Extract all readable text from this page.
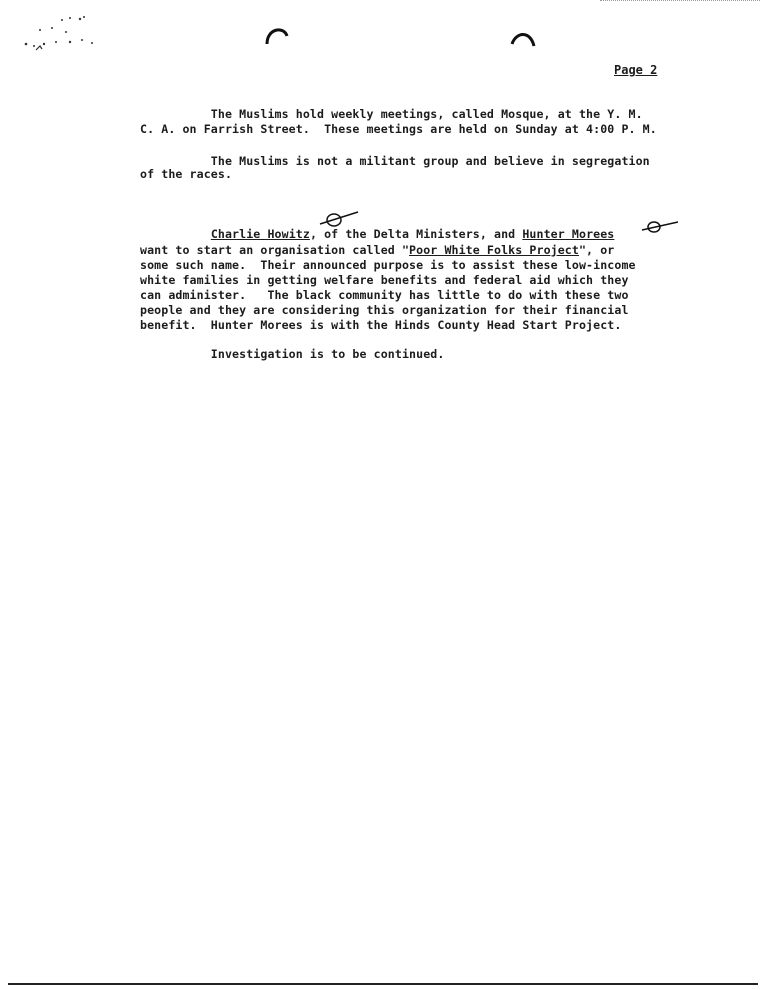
Page 2
The Muslims hold weekly meetings, called Mosque, at the Y. M.
C. A. on Farrish Street.  These meetings are held on Sunday at 4:00 P. M.
The Muslims is not a militant group and believe in segregation
of the races.
Charlie Howitz, of the Delta Ministers, and Hunter Morees
want to start an organisation called "Poor White Folks Project", or
some such name.  Their announced purpose is to assist these low-income
white families in getting welfare benefits and federal aid which they
can administer.   The black community has little to do with these two
people and they are considering this organization for their financial
benefit.  Hunter Morees is with the Hinds County Head Start Project.
Investigation is to be continued.
